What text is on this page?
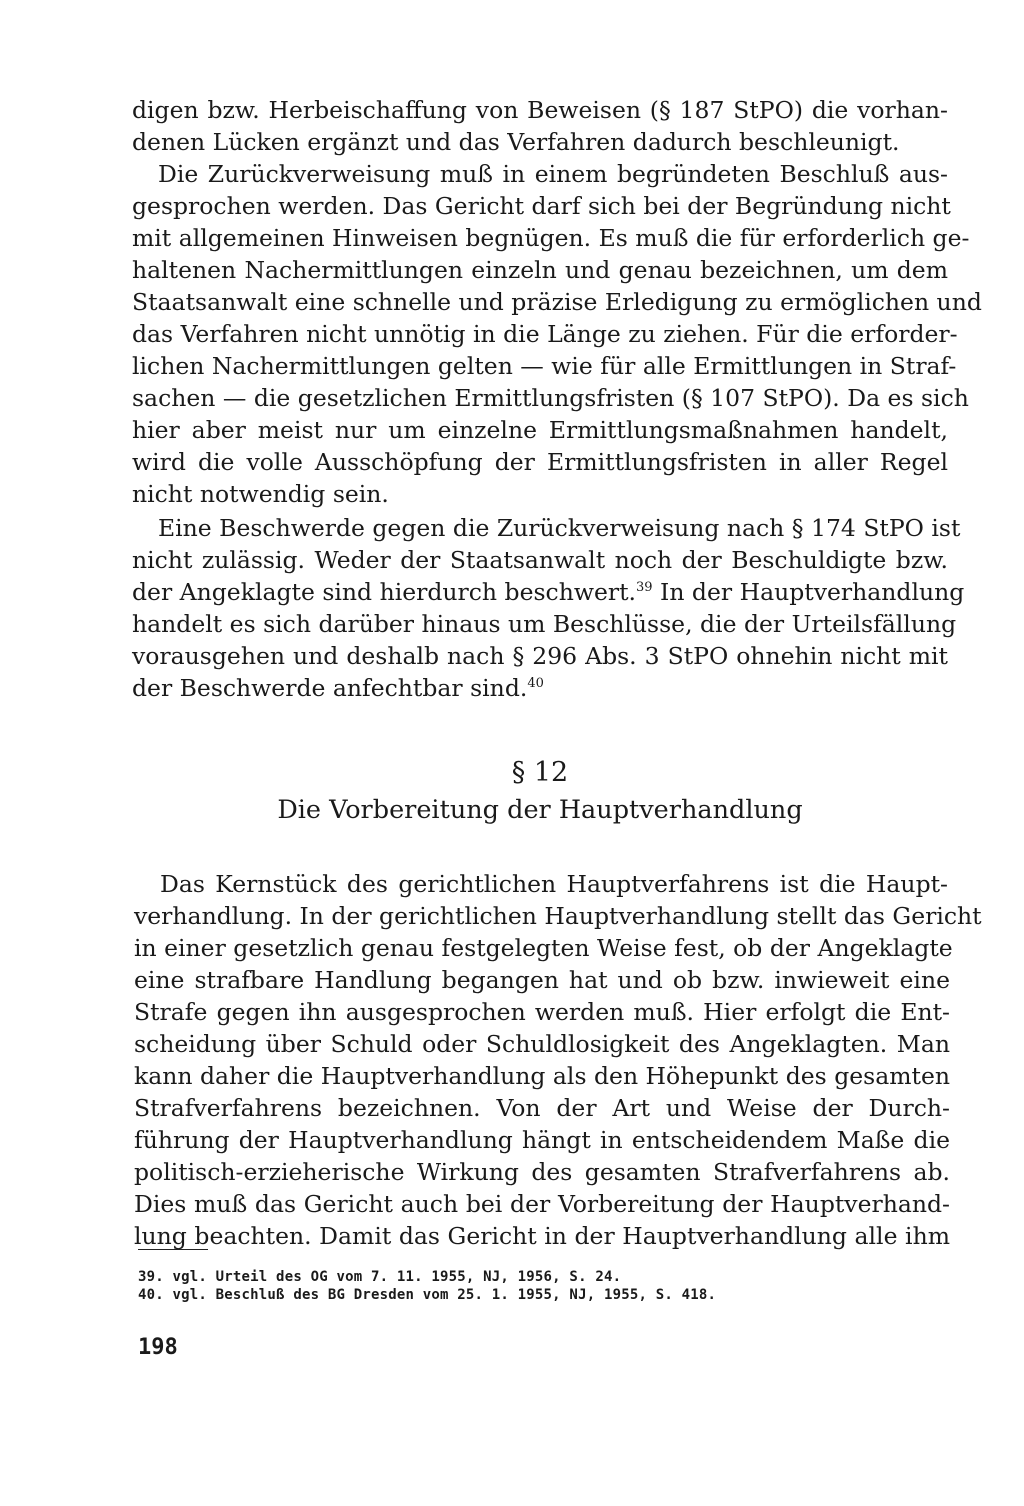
digen bzw. Herbeischaffung von Beweisen (§ 187 StPO) die vorhan-
denen Lücken ergänzt und das Verfahren dadurch beschleunigt.
Die Zurückverweisung muß in einem begründeten Beschluß aus-
gesprochen werden. Das Gericht darf sich bei der Begründung nicht
mit allgemeinen Hinweisen begnügen. Es muß die für erforderlich ge-
haltenen Nachermittlungen einzeln und genau bezeichnen, um dem
Staatsanwalt eine schnelle und präzise Erledigung zu ermöglichen und
das Verfahren nicht unnötig in die Länge zu ziehen. Für die erforder-
lichen Nachermittlungen gelten — wie für alle Ermittlungen in Straf-
sachen — die gesetzlichen Ermittlungsfristen (§ 107 StPO). Da es sich
hier aber meist nur um einzelne Ermittlungsmaßnahmen handelt,
wird die volle Ausschöpfung der Ermittlungsfristen in aller Regel
nicht notwendig sein.
Eine Beschwerde gegen die Zurückverweisung nach § 174 StPO ist
nicht zulässig. Weder der Staatsanwalt noch der Beschuldigte bzw.
der Angeklagte sind hierdurch beschwert.$^{39}$ In der Hauptverhandlung
handelt es sich darüber hinaus um Beschlüsse, die der Urteilsfällung
vorausgehen und deshalb nach § 296 Abs. 3 StPO ohnehin nicht mit
der Beschwerde anfechtbar sind.$^{40}$
§ 12
Die Vorbereitung der Hauptverhandlung
Das Kernstück des gerichtlichen Hauptverfahrens ist die Haupt-
verhandlung. In der gerichtlichen Hauptverhandlung stellt das Gericht
in einer gesetzlich genau festgelegten Weise fest, ob der Angeklagte
eine strafbare Handlung begangen hat und ob bzw. inwieweit eine
Strafe gegen ihn ausgesprochen werden muß. Hier erfolgt die Ent-
scheidung über Schuld oder Schuldlosigkeit des Angeklagten. Man
kann daher die Hauptverhandlung als den Höhepunkt des gesamten
Strafverfahrens bezeichnen. Von der Art und Weise der Durch-
führung der Hauptverhandlung hängt in entscheidendem Maße die
politisch-erzieherische Wirkung des gesamten Strafverfahrens ab.
Dies muß das Gericht auch bei der Vorbereitung der Hauptverhand-
lung beachten. Damit das Gericht in der Hauptverhandlung alle ihm
39. vgl. Urteil des OG vom 7. 11. 1955, NJ, 1956, S. 24.
40. vgl. Beschluß des BG Dresden vom 25. 1. 1955, NJ, 1955, S. 418.
198
